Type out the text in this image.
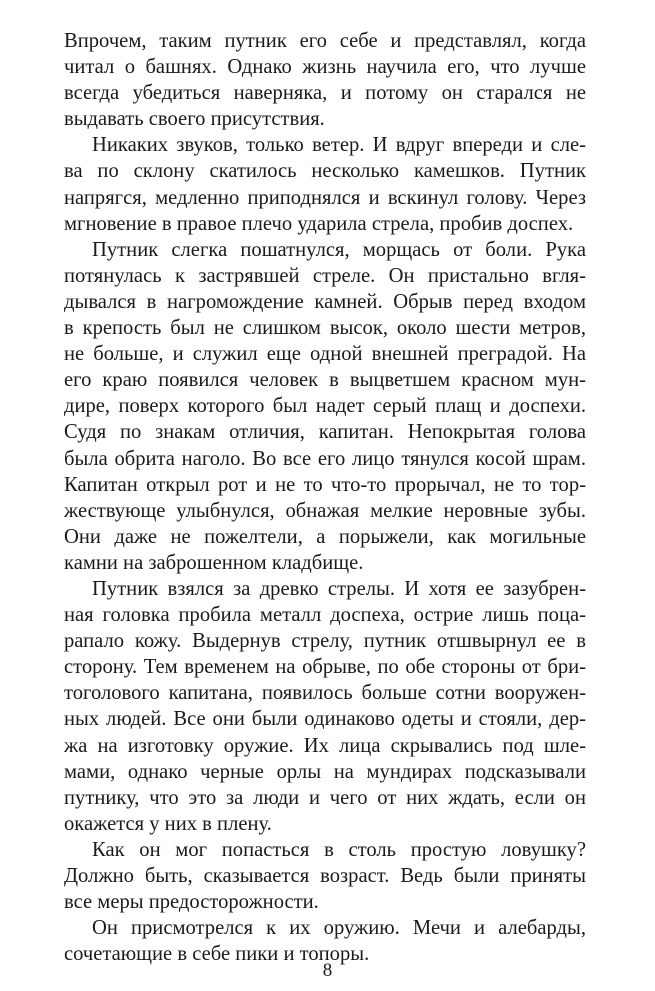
Впрочем, таким путник его себе и представлял, когда
читал о башнях. Однако жизнь научила его, что лучше
всегда убедиться наверняка, и потому он старался не
выдавать своего присутствия.
Никаких звуков, только ветер. И вдруг впереди и сле-
ва по склону скатилось несколько камешков. Путник
напрягся, медленно приподнялся и вскинул голову. Через
мгновение в правое плечо ударила стрела, пробив доспех.
Путник слегка пошатнулся, морщась от боли. Рука
потянулась к застрявшей стреле. Он пристально вгля-
дывался в нагромождение камней. Обрыв перед входом
в крепость был не слишком высок, около шести метров,
не больше, и служил еще одной внешней преградой. На
его краю появился человек в выцветшем красном мун-
дире, поверх которого был надет серый плащ и доспехи.
Судя по знакам отличия, капитан. Непокрытая голова
была обрита наголо. Во все его лицо тянулся косой шрам.
Капитан открыл рот и не то что-то прорычал, не то тор-
жествующе улыбнулся, обнажая мелкие неровные зубы.
Они даже не пожелтели, а порыжели, как могильные
камни на заброшенном кладбище.
Путник взялся за древко стрелы. И хотя ее зазубрен-
ная головка пробила металл доспеха, острие лишь поца-
рапало кожу. Выдернув стрелу, путник отшвырнул ее в
сторону. Тем временем на обрыве, по обе стороны от бри-
тоголового капитана, появилось больше сотни вооружен-
ных людей. Все они были одинаково одеты и стояли, дер-
жа на изготовку оружие. Их лица скрывались под шле-
мами, однако черные орлы на мундирах подсказывали
путнику, что это за люди и чего от них ждать, если он
окажется у них в плену.
Как он мог попасться в столь простую ловушку?
Должно быть, сказывается возраст. Ведь были приняты
все меры предосторожности.
Он присмотрелся к их оружию. Мечи и алебарды,
сочетающие в себе пики и топоры.
8
